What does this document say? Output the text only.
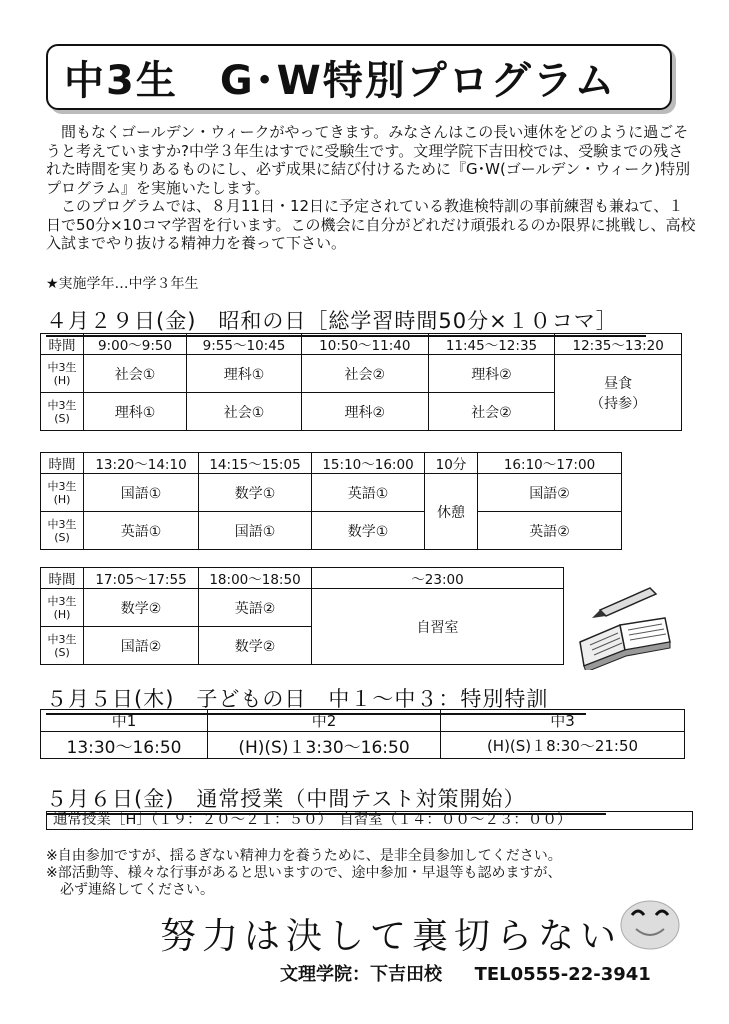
中3生　G･W特別プログラム

　間もなくゴールデン・ウィークがやってきます。みなさんはこの長い連休をどのように過ごそうと考えていますか?中学３年生はすでに受験生です。文理学院下吉田校では、受験までの残された時間を実りあるものにし、必ず成果に結び付けるために『G･W(ゴールデン・ウィーク)特別プログラム』を実施いたします。

　このプログラムでは、８月11日・12日に予定されている教進検特訓の事前練習も兼ねて、１日で50分×10コマ学習を行います。この機会に自分がどれだけ頑張れるのか限界に挑戦し、高校入試までやり抜ける精神力を養って下さい。

★実施学年…中学３年生
４月２９日(金)　昭和の日［総学習時間50分×１０コマ］
時間	9:00～9:50	9:55～10:45	10:50～11:40	11:45～12:35	12:35～13:20
中3生
(H)	社会①	理科①	社会②	理科②	昼食
（持参）
中3生
(S)	理科①	社会①	理科②	社会②	
時間	13:20～14:10	14:15～15:05	15:10～16:00	10分	16:10～17:00
中3生
(H)	国語①	数学①	英語①	休憩	国語②
中3生
(S)	英語①	国語①	数学①		英語②
時間	17:05～17:55	18:00～18:50	～23:00
中3生
(H)	数学②	英語②	自習室
中3生
(S)	国語②	数学②	
５月５日(木)　子どもの日　中１～中３：特別特訓
中1	中2	中3
13:30～16:50	(H)(S)１3:30～16:50	(H)(S)１8:30～21:50
５月６日(金)　通常授業（中間テスト対策開始）
通常授業［H］（１９：２０～２１：５０）　自習室（１４：００～２３：００）

※自由参加ですが、揺るぎない精神力を養うために、是非全員参加してください。

※部活動等、様々な行事があると思いますので、途中参加・早退等も認めますが、

　必ず連絡してください。

努力は決して裏切らない
文理学院：下吉田校 TEL0555-22-3941
